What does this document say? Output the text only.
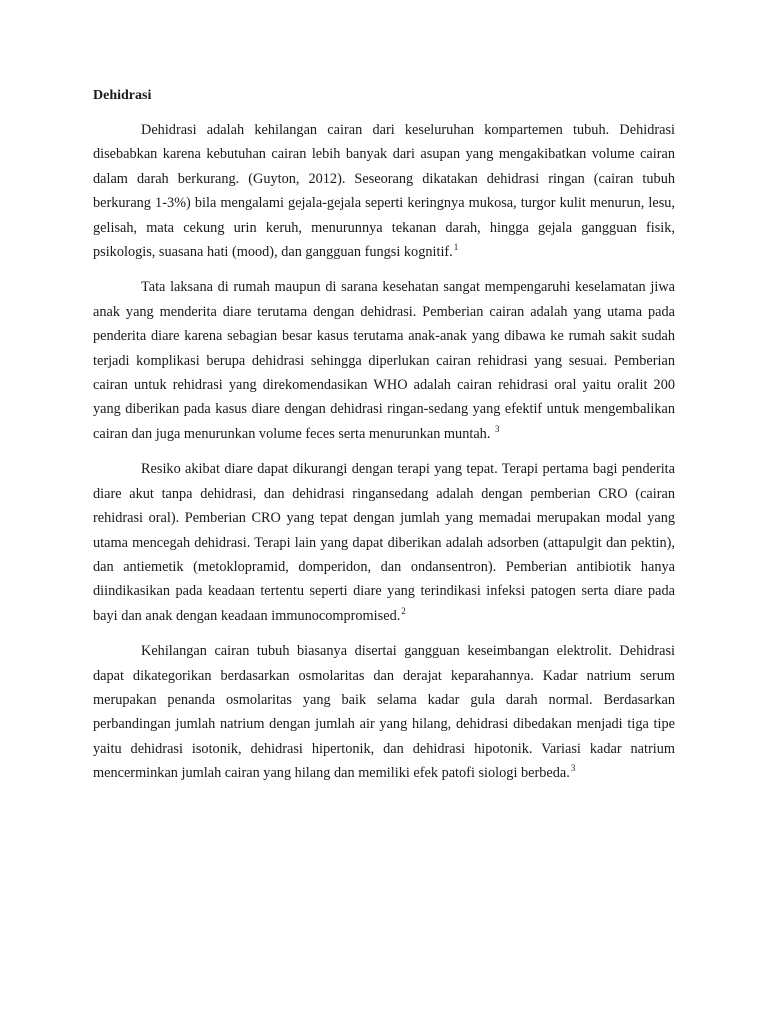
Dehidrasi

Dehidrasi adalah kehilangan cairan dari keseluruhan kompartemen tubuh. Dehidrasi disebabkan karena kebutuhan cairan lebih banyak dari asupan yang mengakibatkan volume cairan dalam darah berkurang. (Guyton, 2012). Seseorang dikatakan dehidrasi ringan (cairan tubuh berkurang 1-3%) bila mengalami gejala-gejala seperti keringnya mukosa, turgor kulit menurun, lesu, gelisah, mata cekung urin keruh, menurunnya tekanan darah, hingga gejala gangguan fisik, psikologis, suasana hati (mood), dan gangguan fungsi kognitif.$^1$

Tata laksana di rumah maupun di sarana kesehatan sangat mempengaruhi keselamatan jiwa anak yang menderita diare terutama dengan dehidrasi. Pemberian cairan adalah yang utama pada penderita diare karena sebagian besar kasus terutama anak-anak yang dibawa ke rumah sakit sudah terjadi komplikasi berupa dehidrasi sehingga diperlukan cairan rehidrasi yang sesuai. Pemberian cairan untuk rehidrasi yang direkomendasikan WHO adalah cairan rehidrasi oral yaitu oralit 200 yang diberikan pada kasus diare dengan dehidrasi ringan-sedang yang efektif untuk mengembalikan cairan dan juga menurunkan volume feces serta menurunkan muntah. $^3$

Resiko akibat diare dapat dikurangi dengan terapi yang tepat. Terapi pertama bagi penderita diare akut tanpa dehidrasi, dan dehidrasi ringansedang adalah dengan pemberian CRO (cairan rehidrasi oral). Pemberian CRO yang tepat dengan jumlah yang memadai merupakan modal yang utama mencegah dehidrasi. Terapi lain yang dapat diberikan adalah adsorben (attapulgit dan pektin), dan antiemetik (metoklopramid, domperidon, dan ondansentron). Pemberian antibiotik hanya diindikasikan pada keadaan tertentu seperti diare yang terindikasi infeksi patogen serta diare pada bayi dan anak dengan keadaan immunocompromised.$^2$

Kehilangan cairan tubuh biasanya disertai gangguan keseimbangan elektrolit. Dehidrasi dapat dikategorikan berdasarkan osmolaritas dan derajat keparahannya. Kadar natrium serum merupakan penanda osmolaritas yang baik selama kadar gula darah normal. Berdasarkan perbandingan jumlah natrium dengan jumlah air yang hilang, dehidrasi dibedakan menjadi tiga tipe yaitu dehidrasi isotonik, dehidrasi hipertonik, dan dehidrasi hipotonik. Variasi kadar natrium mencerminkan jumlah cairan yang hilang dan memiliki efek patofi siologi berbeda.$^3$
